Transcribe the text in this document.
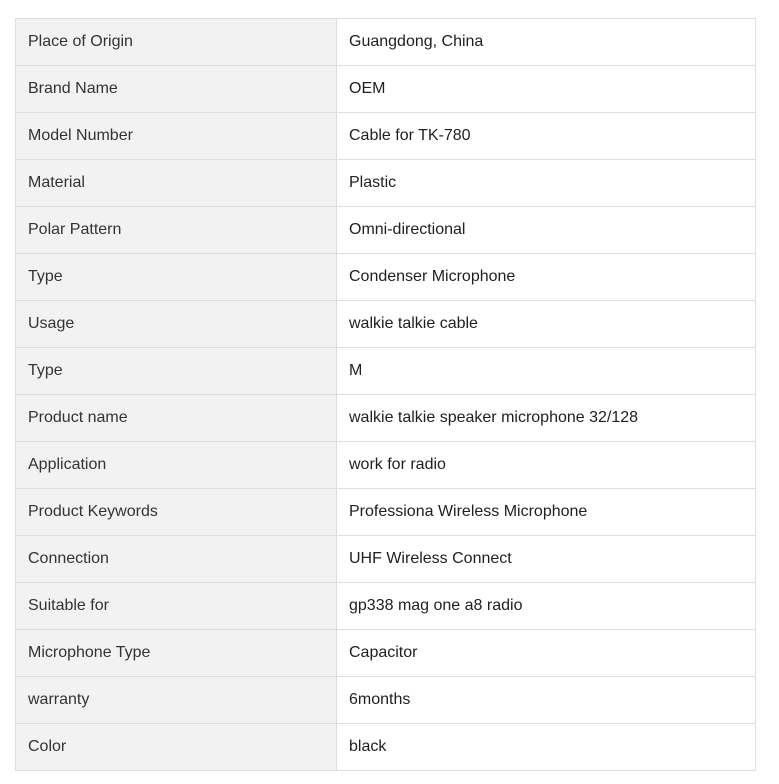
Place of Origin	Guangdong, China
Brand Name	OEM
Model Number	Cable for TK-780
Material	Plastic
Polar Pattern	Omni-directional
Type	Condenser Microphone
Usage	walkie talkie cable
Type	M
Product name	walkie talkie speaker microphone 32/128
Application	work for radio
Product Keywords	Professiona Wireless Microphone
Connection	UHF Wireless Connect
Suitable for	gp338 mag one a8 radio
Microphone Type	Capacitor
warranty	6months
Color	black
